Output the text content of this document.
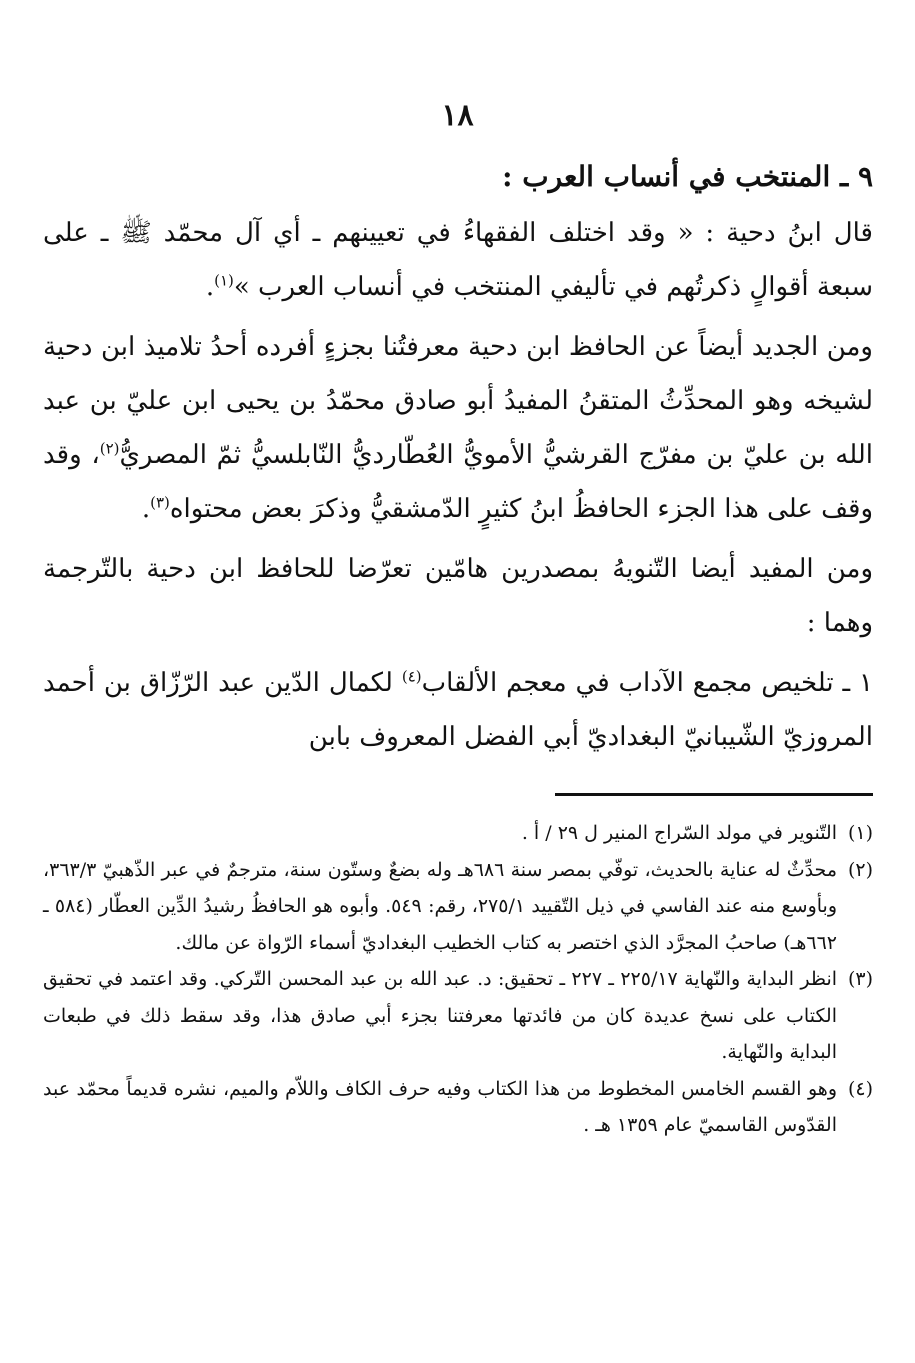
١٨
٩ ـ المنتخب في أنساب العرب :

قال ابنُ دحية : « وقد اختلف الفقهاءُ في تعيينهم ـ أي آل محمّد ﷺ ـ على سبعة أقوالٍ ذكرتُهم في تأليفي المنتخب في أنساب العرب »$^{(١)}$.

ومن الجديد أيضاً عن الحافظ ابن دحية معرفتُنا بجزءٍ أفرده أحدُ تلاميذ ابن دحية لشيخه وهو المحدِّثُ المتقنُ المفيدُ أبو صادق محمّدُ بن يحيى ابن عليّ بن عبد الله بن عليّ بن مفرّج القرشيُّ الأمويُّ العُطّارديُّ النّابلسيُّ ثمّ المصريُّ$^{(٢)}$، وقد وقف على هذا الجزء الحافظُ ابنُ كثيرٍ الدّمشقيُّ وذكرَ بعض محتواه$^{(٣)}$.

ومن المفيد أيضا التّنويهُ بمصدرين هامّين تعرّضا للحافظ ابن دحية بالتّرجمة وهما :

١ ـ تلخيص مجمع الآداب في معجم الألقاب$^{(٤)}$ لكمال الدّين عبد الرّزّاق بن أحمد المروزيّ الشّيبانيّ البغداديّ أبي الفضل المعروف بابن

(١)التّنوير في مولد السّراج المنير ل ٢٩ / أ .

(٢)محدِّثٌ له عناية بالحديث، توفّي بمصر سنة ٦٨٦هـ وله بضعٌ وستّون سنة، مترجمٌ في عبر الذّهبيّ ٣٦٣/٣، وبأوسع منه عند الفاسي في ذيل التّقييد ٢٧٥/١، رقم: ٥٤٩. وأبوه هو الحافظُ رشيدُ الدِّين العطّار (٥٨٤ ـ ٦٦٢هـ) صاحبُ المجرَّد الذي اختصر به كتاب الخطيب البغداديّ أسماء الرّواة عن مالك.

(٣)انظر البداية والنّهاية ٢٢٥/١٧ ـ ٢٢٧ ـ تحقيق: د. عبد الله بن عبد المحسن التّركي. وقد اعتمد في تحقيق الكتاب على نسخ عديدة كان من فائدتها معرفتنا بجزء أبي صادق هذا، وقد سقط ذلك في طبعات البداية والنّهاية.

(٤)وهو القسم الخامس المخطوط من هذا الكتاب وفيه حرف الكاف واللاّم والميم، نشره قديماً محمّد عبد القدّوس القاسميّ عام ١٣٥٩ هـ .
